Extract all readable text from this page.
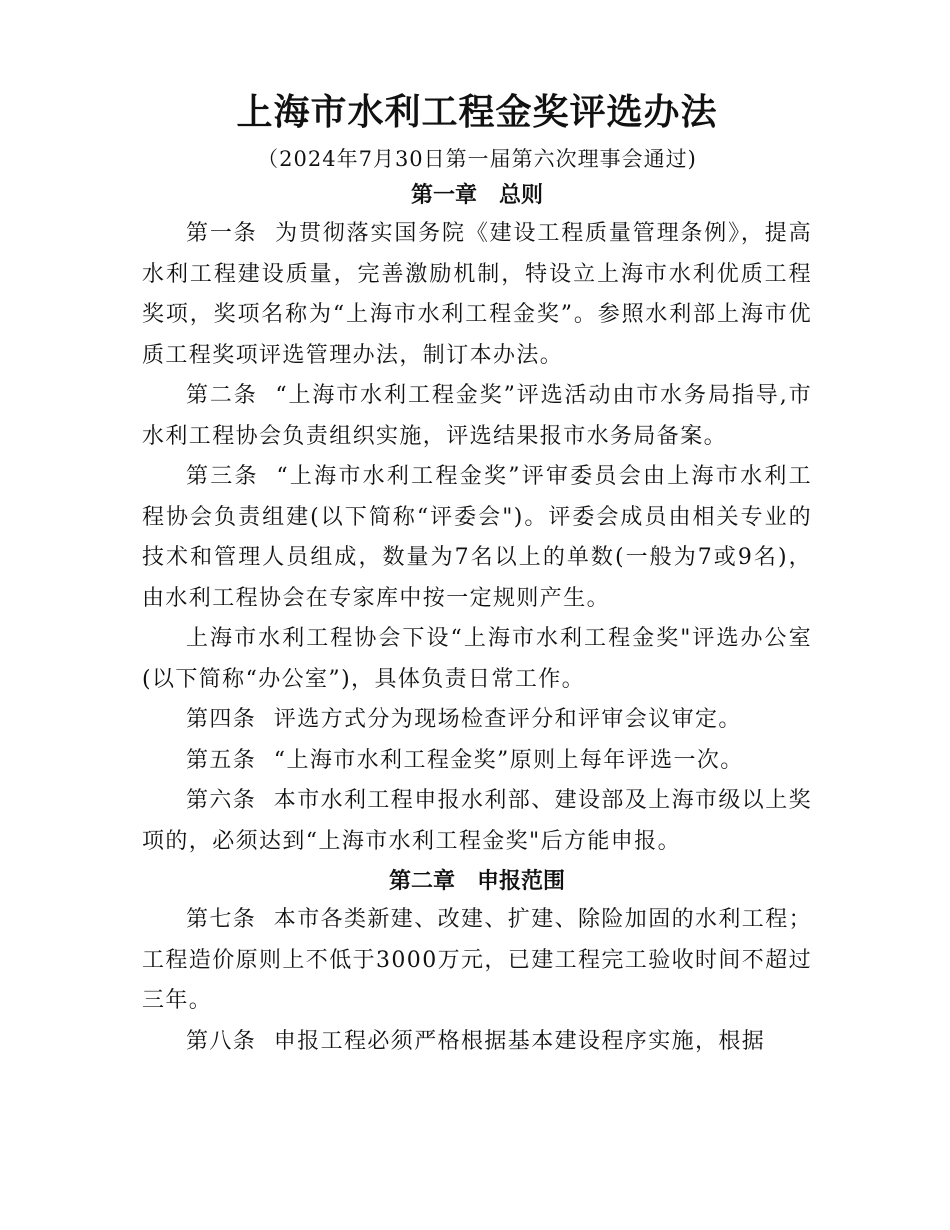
上海市水利工程金奖评选办法
（2024年7月30日第一届第六次理事会通过)
第一章　总则

第一条 为贯彻落实国务院《建设工程质量管理条例》，提高水利工程建设质量，完善激励机制，特设立上海市水利优质工程奖项，奖项名称为“上海市水利工程金奖”。参照水利部上海市优质工程奖项评选管理办法，制订本办法。

第二条 “上海市水利工程金奖”评选活动由市水务局指导,市水利工程协会负责组织实施，评选结果报市水务局备案。

第三条 “上海市水利工程金奖”评审委员会由上海市水利工程协会负责组建(以下简称“评委会")。评委会成员由相关专业的技术和管理人员组成，数量为7名以上的单数(一般为7或9名)，由水利工程协会在专家库中按一定规则产生。

上海市水利工程协会下设“上海市水利工程金奖"评选办公室(以下简称“办公室”)，具体负责日常工作。

第四条 评选方式分为现场检查评分和评审会议审定。

第五条 “上海市水利工程金奖”原则上每年评选一次。

第六条 本市水利工程申报水利部、建设部及上海市级以上奖项的，必须达到“上海市水利工程金奖"后方能申报。

第二章　申报范围

第七条 本市各类新建、改建、扩建、除险加固的水利工程；工程造价原则上不低于3000万元，已建工程完工验收时间不超过三年。

第八条 申报工程必须严格根据基本建设程序实施，根据
